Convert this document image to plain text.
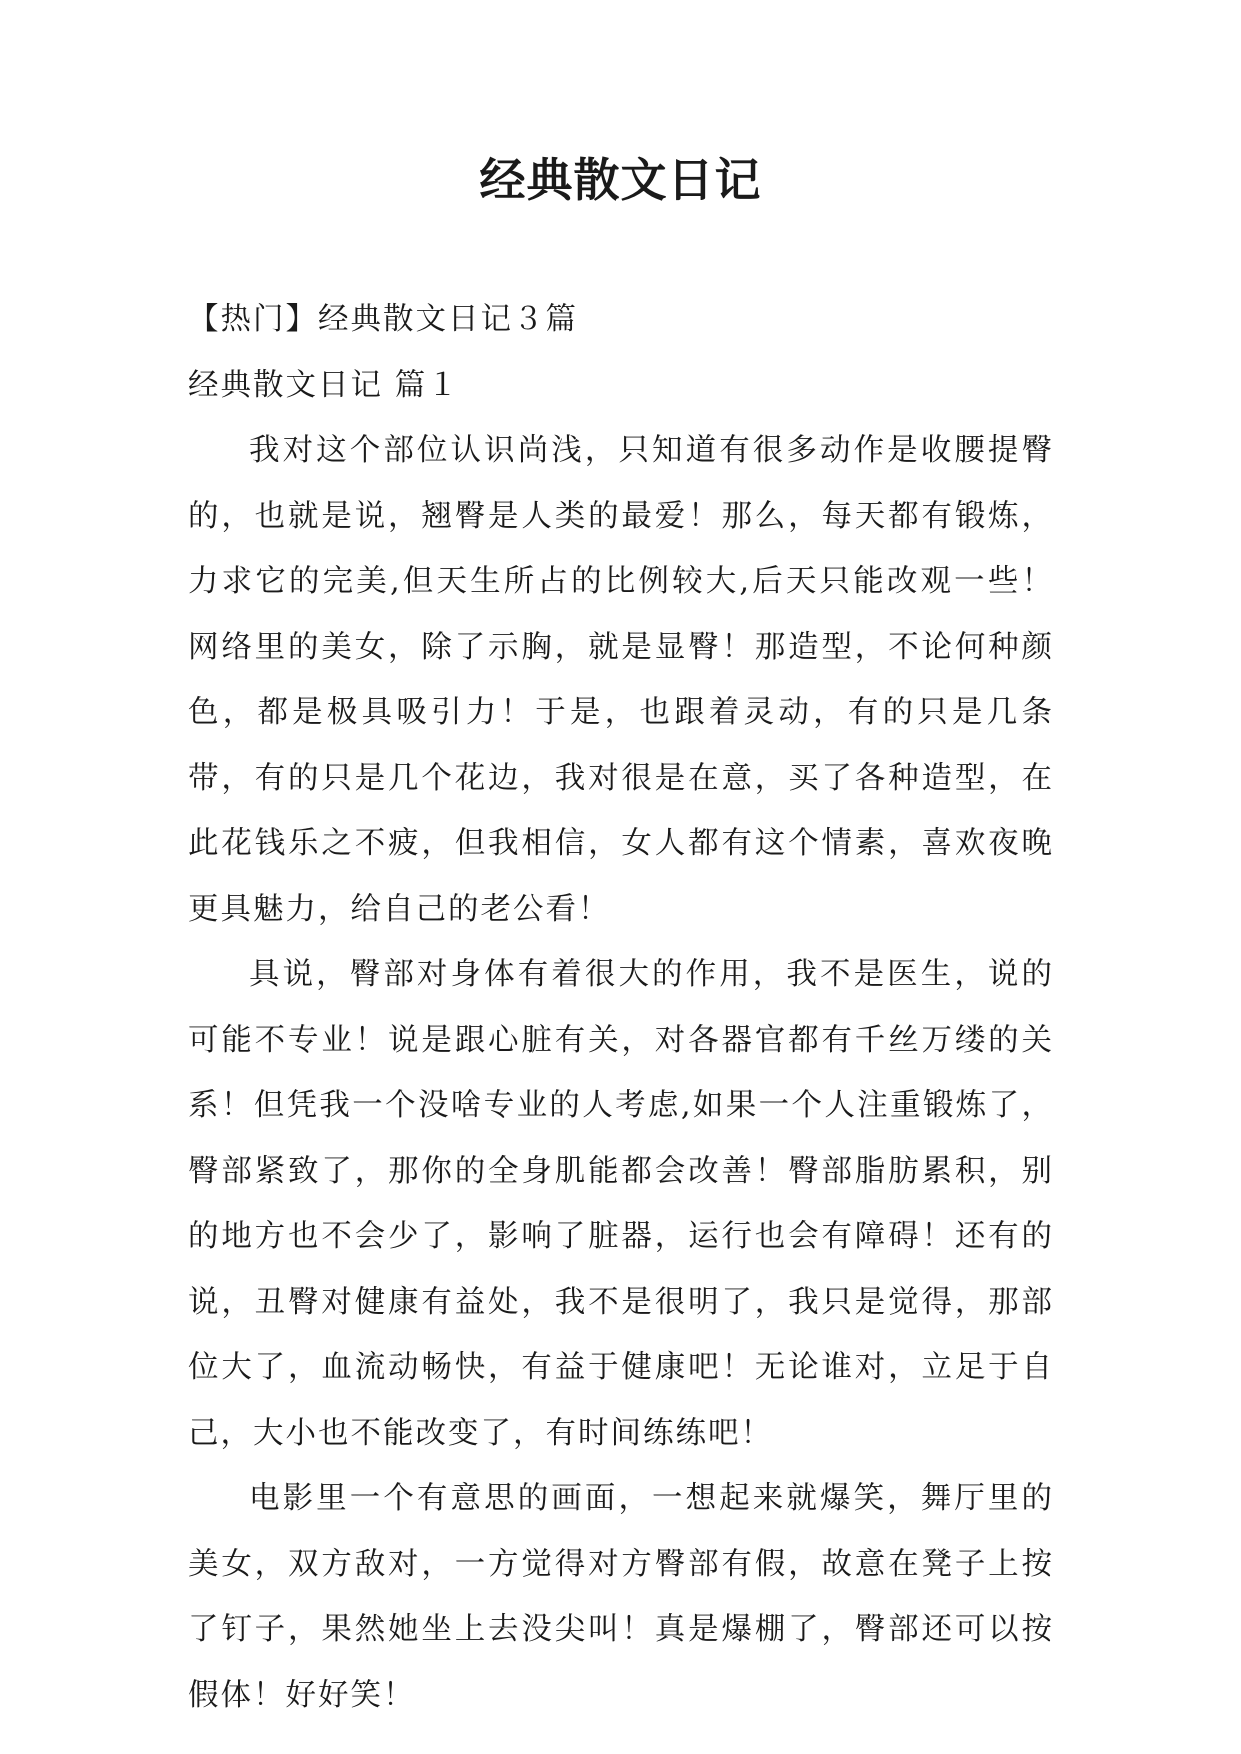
经典散文日记

【热门】经典散文日记３篇

经典散文日记 篇１

我对这个部位认识尚浅，只知道有很多动作是收腰提臀的，也就是说，翘臀是人类的最爱！那么，每天都有锻炼，力求它的完美,但天生所占的比例较大,后天只能改观一些！网络里的美女，除了示胸，就是显臀！那造型，不论何种颜色，都是极具吸引力！于是，也跟着灵动，有的只是几条带，有的只是几个花边，我对很是在意，买了各种造型，在此花钱乐之不疲，但我相信，女人都有这个情素，喜欢夜晚更具魅力，给自己的老公看！

具说，臀部对身体有着很大的作用，我不是医生，说的可能不专业！说是跟心脏有关，对各器官都有千丝万缕的关系！但凭我一个没啥专业的人考虑,如果一个人注重锻炼了，臀部紧致了，那你的全身肌能都会改善！臀部脂肪累积，别的地方也不会少了，影响了脏器，运行也会有障碍！还有的说，丑臀对健康有益处，我不是很明了，我只是觉得，那部位大了，血流动畅快，有益于健康吧！无论谁对，立足于自己，大小也不能改变了，有时间练练吧！

电影里一个有意思的画面，一想起来就爆笑，舞厅里的美女，双方敌对，一方觉得对方臀部有假，故意在凳子上按了钉子，果然她坐上去没尖叫！真是爆棚了，臀部还可以按假体！好好笑！
